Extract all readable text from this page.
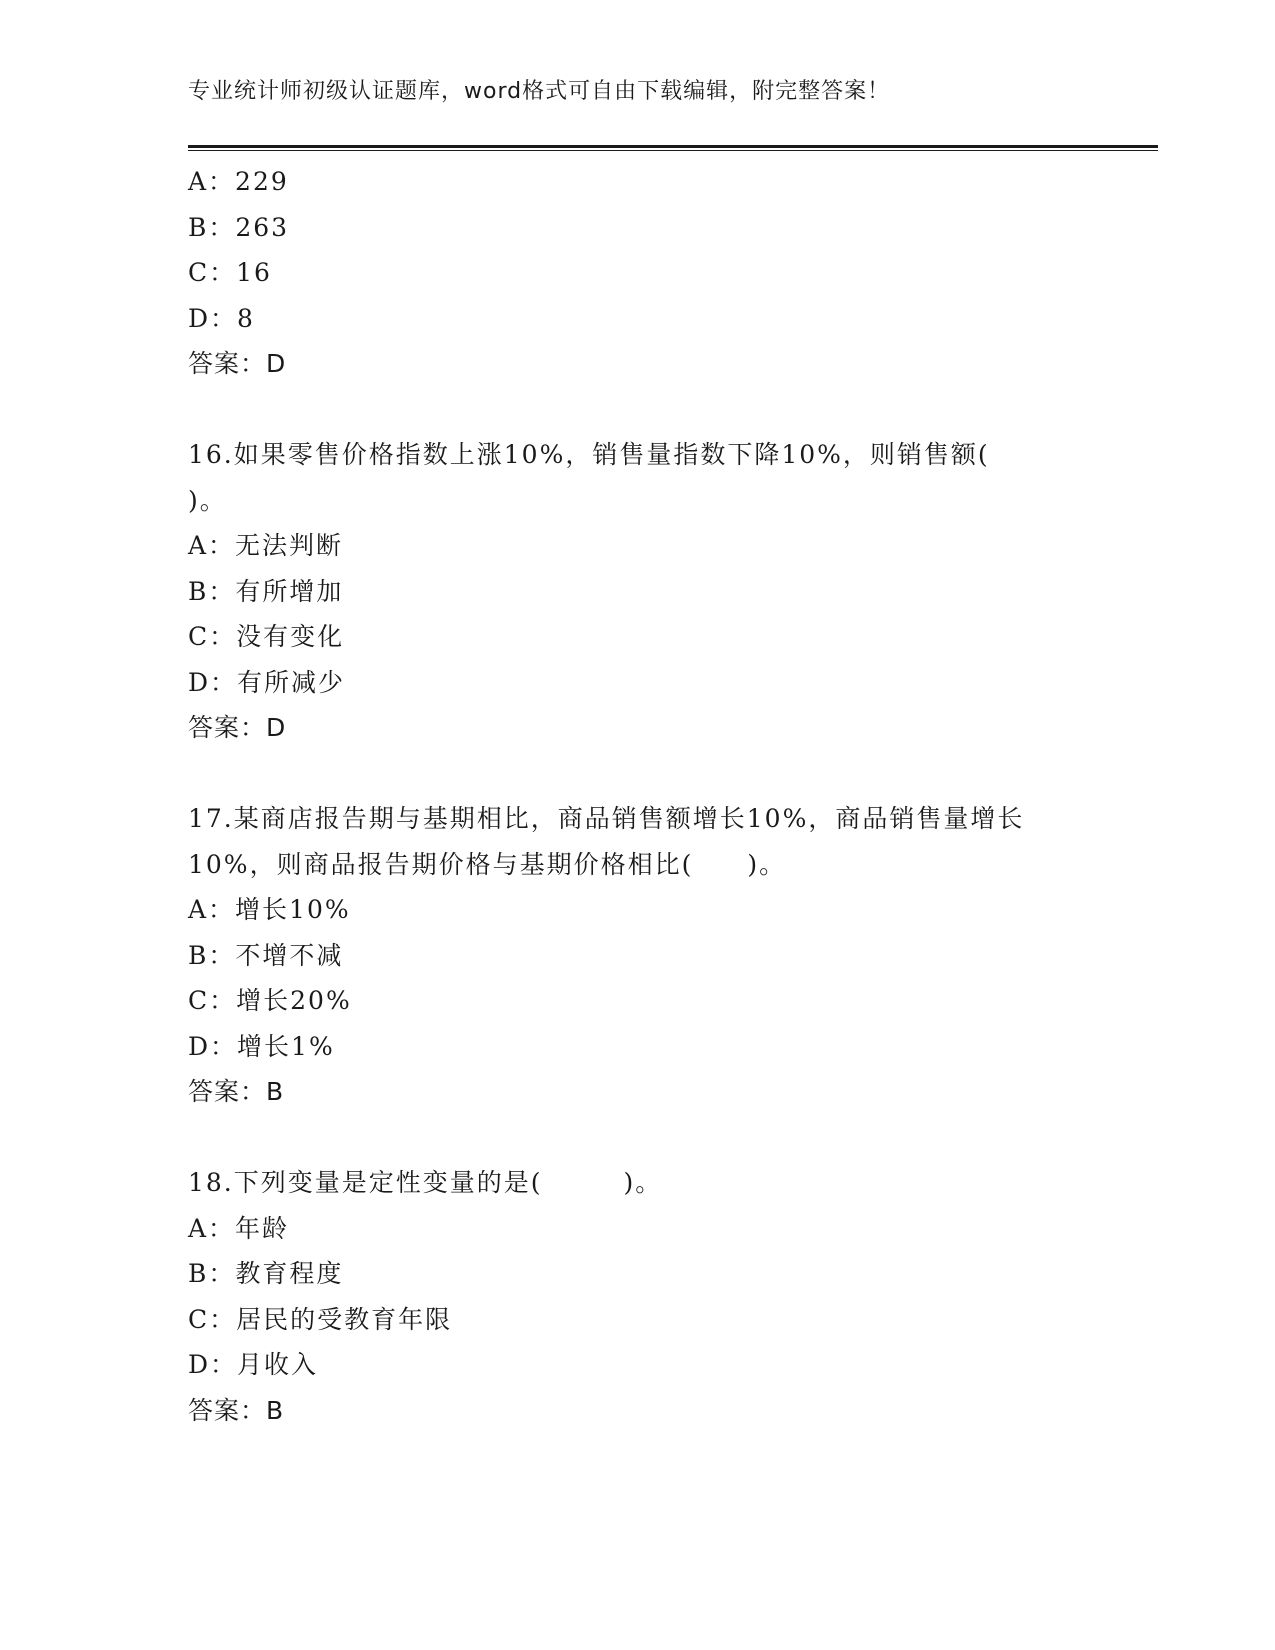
专业统计师初级认证题库，word格式可自由下载编辑，附完整答案！
A：229
B：263
C：16
D：8
答案：D
16.如果零售价格指数上涨10%，销售量指数下降10%，则销售额(
)。
A：无法判断
B：有所增加
C：没有变化
D：有所减少
答案：D
17.某商店报告期与基期相比，商品销售额增长10%，商品销售量增长
10%，则商品报告期价格与基期价格相比(　　)。
A：增长10%
B：不增不减
C：增长20%
D：增长1%
答案：B
18.下列变量是定性变量的是(　　　)。
A：年龄
B：教育程度
C：居民的受教育年限
D：月收入
答案：B
